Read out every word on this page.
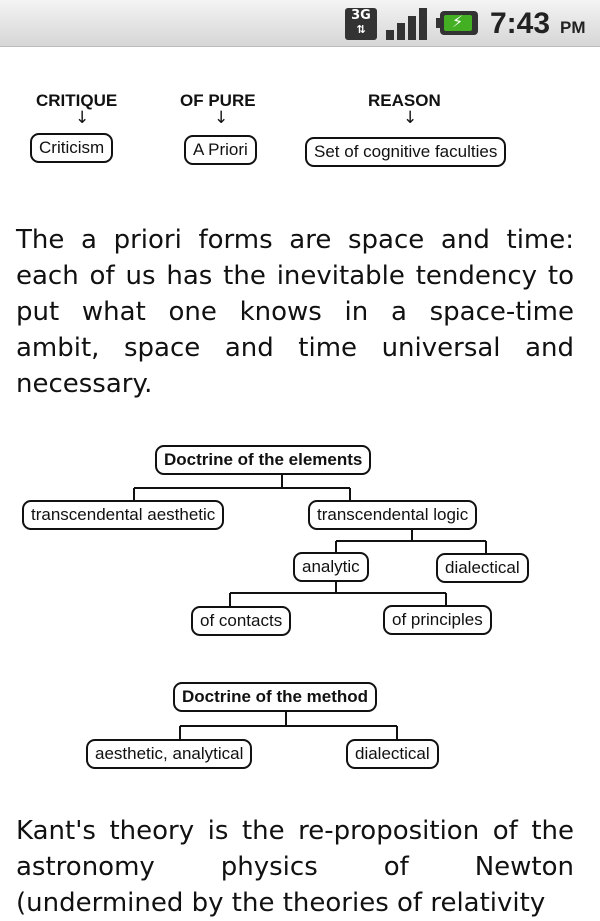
3G
⇅	⚡ 7:43 PM
CRITIQUE	OF PURE	REASON
↓	↓	↓
Criticism	A Priori	Set of cognitive faculties

The a priori forms are space and time: each of us has the inevitable tendency to put what one knows in a space-time ambit, space and time universal and necessary.

Doctrine of the elements
transcendental aesthetic	transcendental logic
analytic	dialectical
of contacts	of principles
Doctrine of the method
aesthetic, analytical	dialectical

Kant's theory is the re-proposition of the astronomy physics of Newton (undermined by the theories of relativity
